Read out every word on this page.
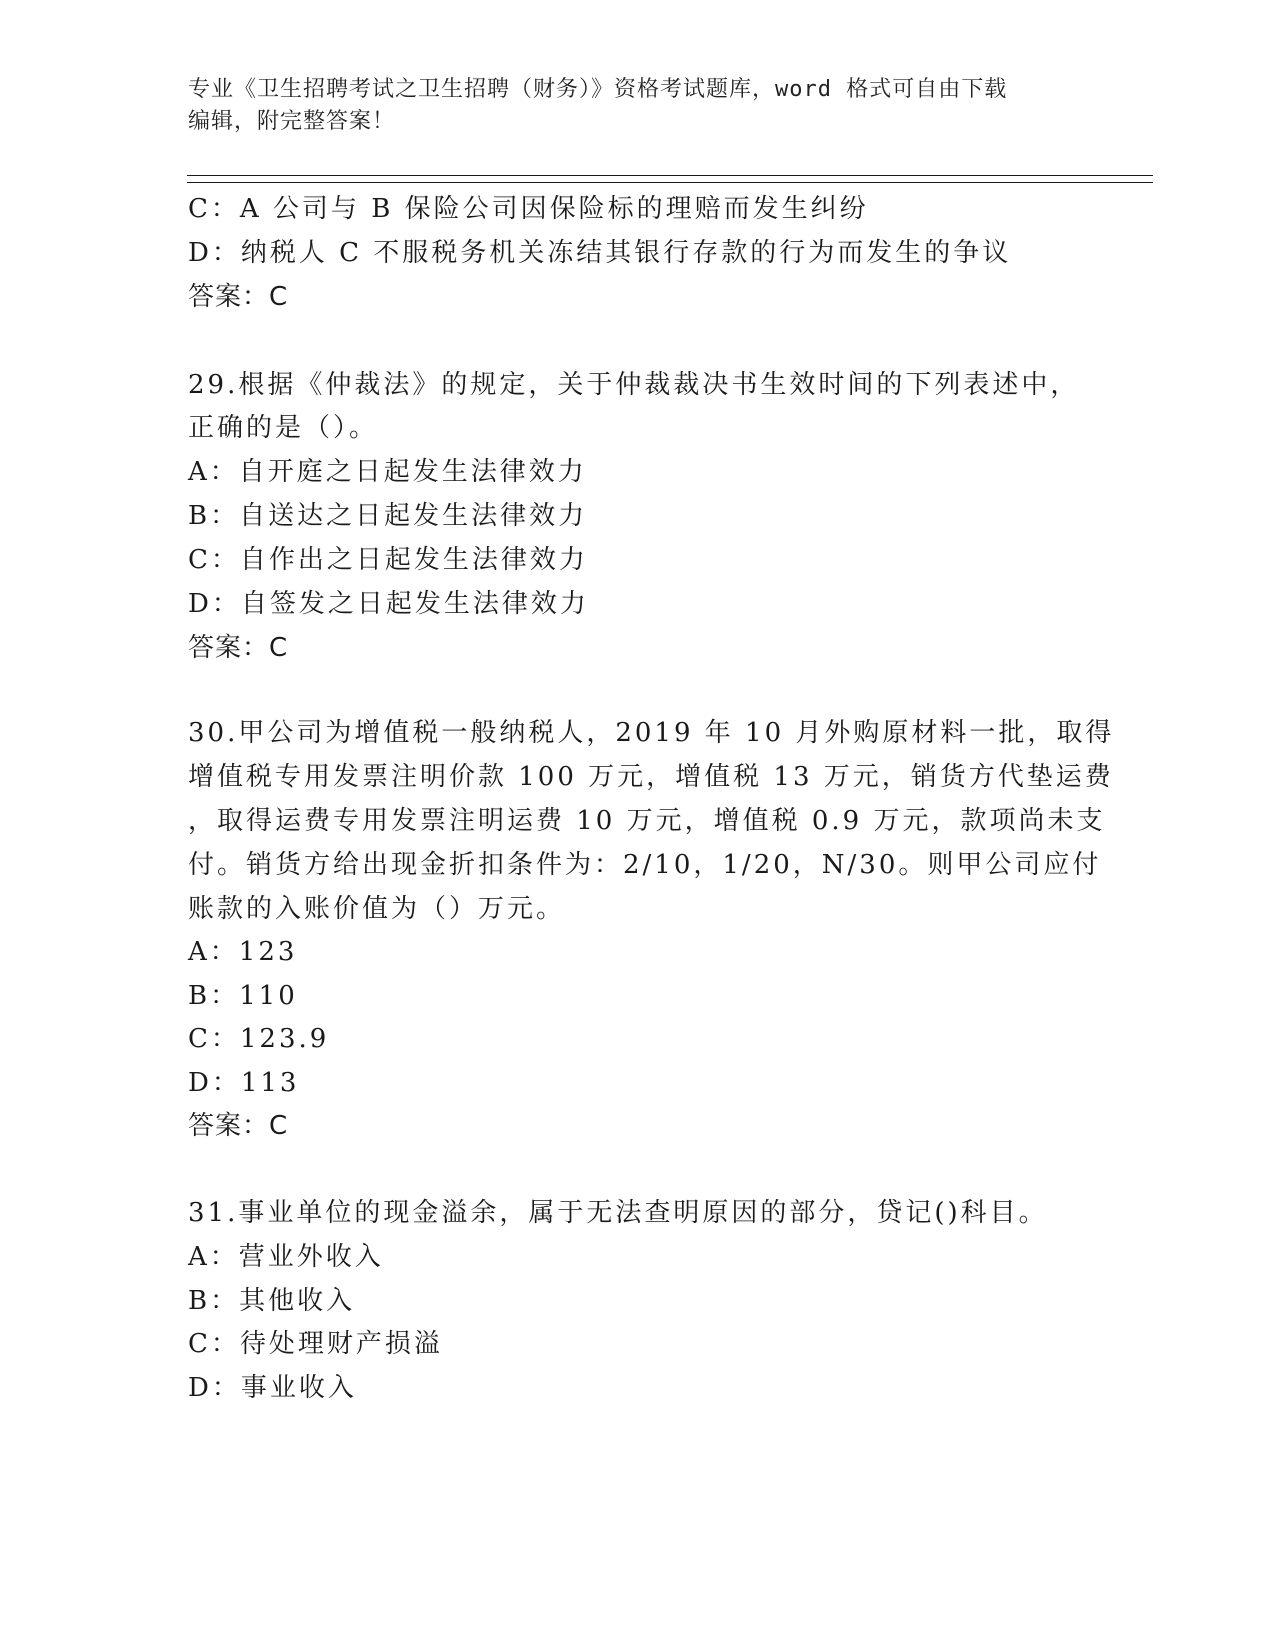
专业《卫生招聘考试之卫生招聘（财务）》资格考试题库，word 格式可自由下载
编辑，附完整答案！
C：A 公司与 B 保险公司因保险标的理赔而发生纠纷
D：纳税人 C 不服税务机关冻结其银行存款的行为而发生的争议
答案：C
29.根据《仲裁法》的规定，关于仲裁裁决书生效时间的下列表述中，
正确的是（）。
A：自开庭之日起发生法律效力
B：自送达之日起发生法律效力
C：自作出之日起发生法律效力
D：自签发之日起发生法律效力
答案：C
30.甲公司为增值税一般纳税人，2019 年 10 月外购原材料一批，取得
增值税专用发票注明价款 100 万元，增值税 13 万元，销货方代垫运费
，取得运费专用发票注明运费 10 万元，增值税 0.9 万元，款项尚未支
付。销货方给出现金折扣条件为：2/10，1/20，N/30。则甲公司应付
账款的入账价值为（）万元。
A：123
B：110
C：123.9
D：113
答案：C
31.事业单位的现金溢余，属于无法查明原因的部分，贷记()科目。
A：营业外收入
B：其他收入
C：待处理财产损溢
D：事业收入
